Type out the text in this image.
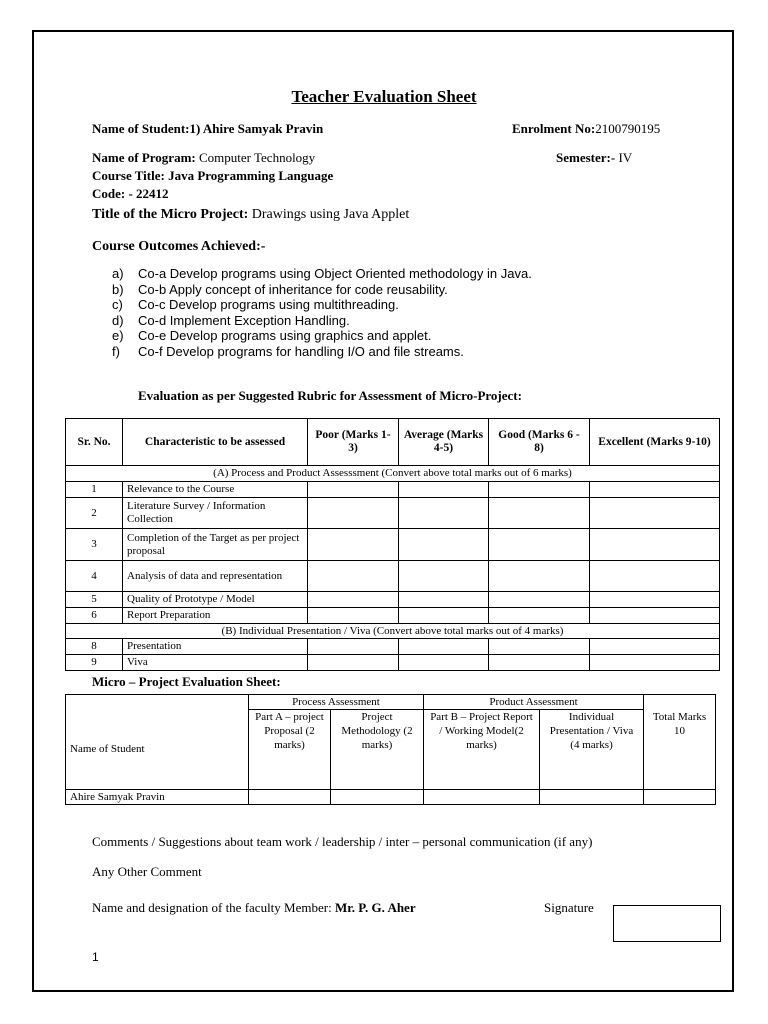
Teacher Evaluation Sheet
Name of Student:1) Ahire Samyak Pravin	Enrolment No:2100790195
Name of Program: Computer Technology	Semester:- IV
Course Title: Java Programming Language
Code: - 22412
Title of the Micro Project: Drawings using Java Applet
Course Outcomes Achieved:-
a) Co-a Develop programs using Object Oriented methodology in Java.
b) Co-b Apply concept of inheritance for code reusability.
c) Co-c Develop programs using multithreading.
d) Co-d Implement Exception Handling.
e) Co-e Develop programs using graphics and applet.
f) Co-f Develop programs for handling I/O and file streams.
Evaluation as per Suggested Rubric for Assessment of Micro-Project:
Sr. No.	Characteristic to be assessed	Poor (Marks 1-3)	Average (Marks 4-5)	Good (Marks 6 - 8)	Excellent (Marks 9-10)
(A) Process and Product Assesssment (Convert above total marks out of 6 marks)					
1	Relevance to the Course				
2	Literature Survey / Information Collection				
3	Completion of the Target as per project proposal				
4	Analysis of data and representation				
5	Quality of Prototype / Model				
6	Report Preparation				
(B) Individual Presentation / Viva (Convert above total marks out of 4 marks)					
8	Presentation				
9	Viva				
Micro – Project Evaluation Sheet:
	Process Assessment		Product Assessment		
Name of Student	Part A – project Proposal (2 marks)	Project Methodology (2 marks)	Part B – Project Report / Working Model(2 marks)	Individual Presentation / Viva (4 marks)	Total Marks 10
Ahire Samyak Pravin					
Comments / Suggestions about team work / leadership / inter – personal communication (if any)
Any Other Comment
Name and designation of the faculty Member: Mr. P. G. Aher	Signature
1
